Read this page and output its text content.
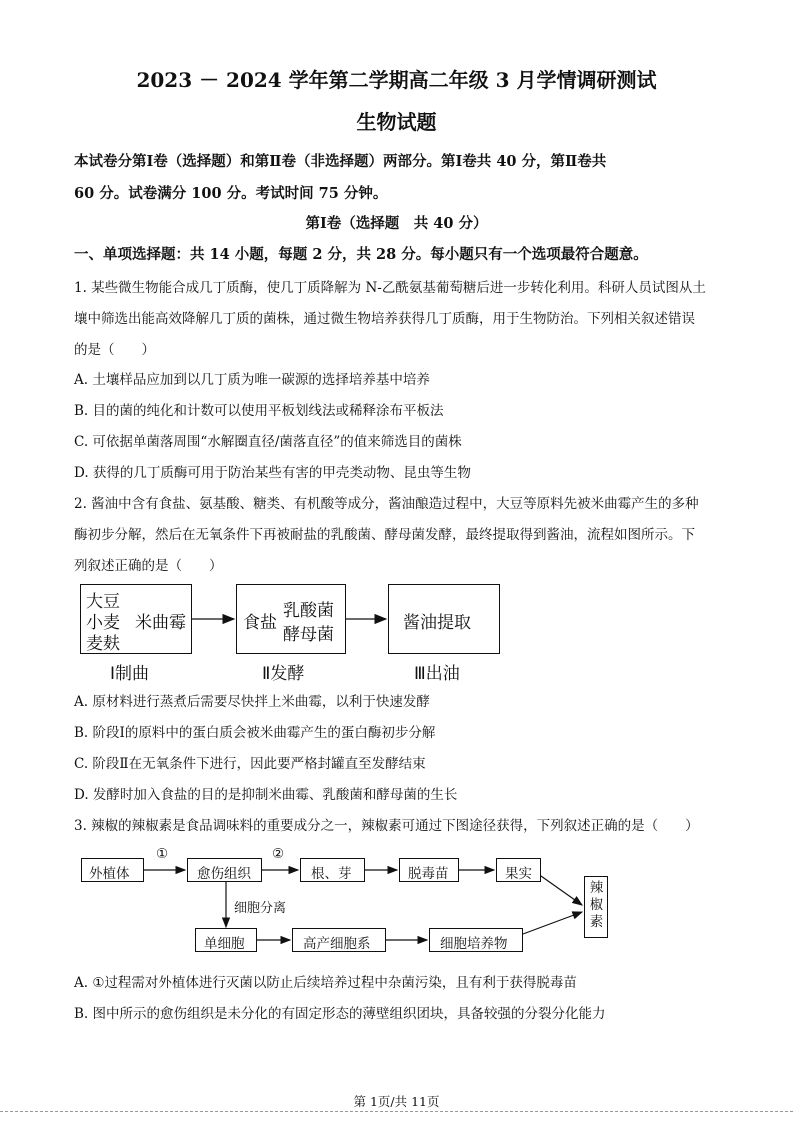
2023 － 2024 学年第二学期高二年级 3 月学情调研测试
生物试题
本试卷分第Ⅰ卷（选择题）和第Ⅱ卷（非选择题）两部分。第Ⅰ卷共 40 分，第Ⅱ卷共
60 分。试卷满分 100 分。考试时间 75 分钟。
第Ⅰ卷（选择题　共 40 分）
一、单项选择题：共 14 小题，每题 2 分，共 28 分。每小题只有一个选项最符合题意。
1. 某些微生物能合成几丁质酶，使几丁质降解为 N-乙酰氨基葡萄糖后进一步转化利用。科研人员试图从土
壤中筛选出能高效降解几丁质的菌株，通过微生物培养获得几丁质酶，用于生物防治。下列相关叙述错误
的是（　　）
A. 土壤样品应加到以几丁质为唯一碳源的选择培养基中培养
B. 目的菌的纯化和计数可以使用平板划线法或稀释涂布平板法
C. 可依据单菌落周围“水解圈直径/菌落直径”的值来筛选目的菌株
D. 获得的几丁质酶可用于防治某些有害的甲壳类动物、昆虫等生物
2. 酱油中含有食盐、氨基酸、糖类、有机酸等成分，酱油酿造过程中，大豆等原料先被米曲霉产生的多种
酶初步分解，然后在无氧条件下再被耐盐的乳酸菌、酵母菌发酵，最终提取得到酱油，流程如图所示。下
列叙述正确的是（　　）
大豆
小麦
麦麸
米曲霉	食盐
乳酸菌
酵母菌
酱油提取
Ⅰ制曲	Ⅱ发酵	Ⅲ出油
A. 原材料进行蒸煮后需要尽快拌上米曲霉，以利于快速发酵
B. 阶段Ⅰ的原料中的蛋白质会被米曲霉产生的蛋白酶初步分解
C. 阶段Ⅱ在无氧条件下进行，因此要严格封罐直至发酵结束
D. 发酵时加入食盐的目的是抑制米曲霉、乳酸菌和酵母菌的生长
3. 辣椒的辣椒素是食品调味料的重要成分之一，辣椒素可通过下图途径获得，下列叙述正确的是（　　）
①	②
细胞分离
外植体	愈伤组织	根、芽	脱毒苗	果实
辣椒素
单细胞	高产细胞系	细胞培养物
A. ①过程需对外植体进行灭菌以防止后续培养过程中杂菌污染，且有利于获得脱毒苗
B. 图中所示的愈伤组织是未分化的有固定形态的薄壁组织团块，具备较强的分裂分化能力
第 1页/共 11页
